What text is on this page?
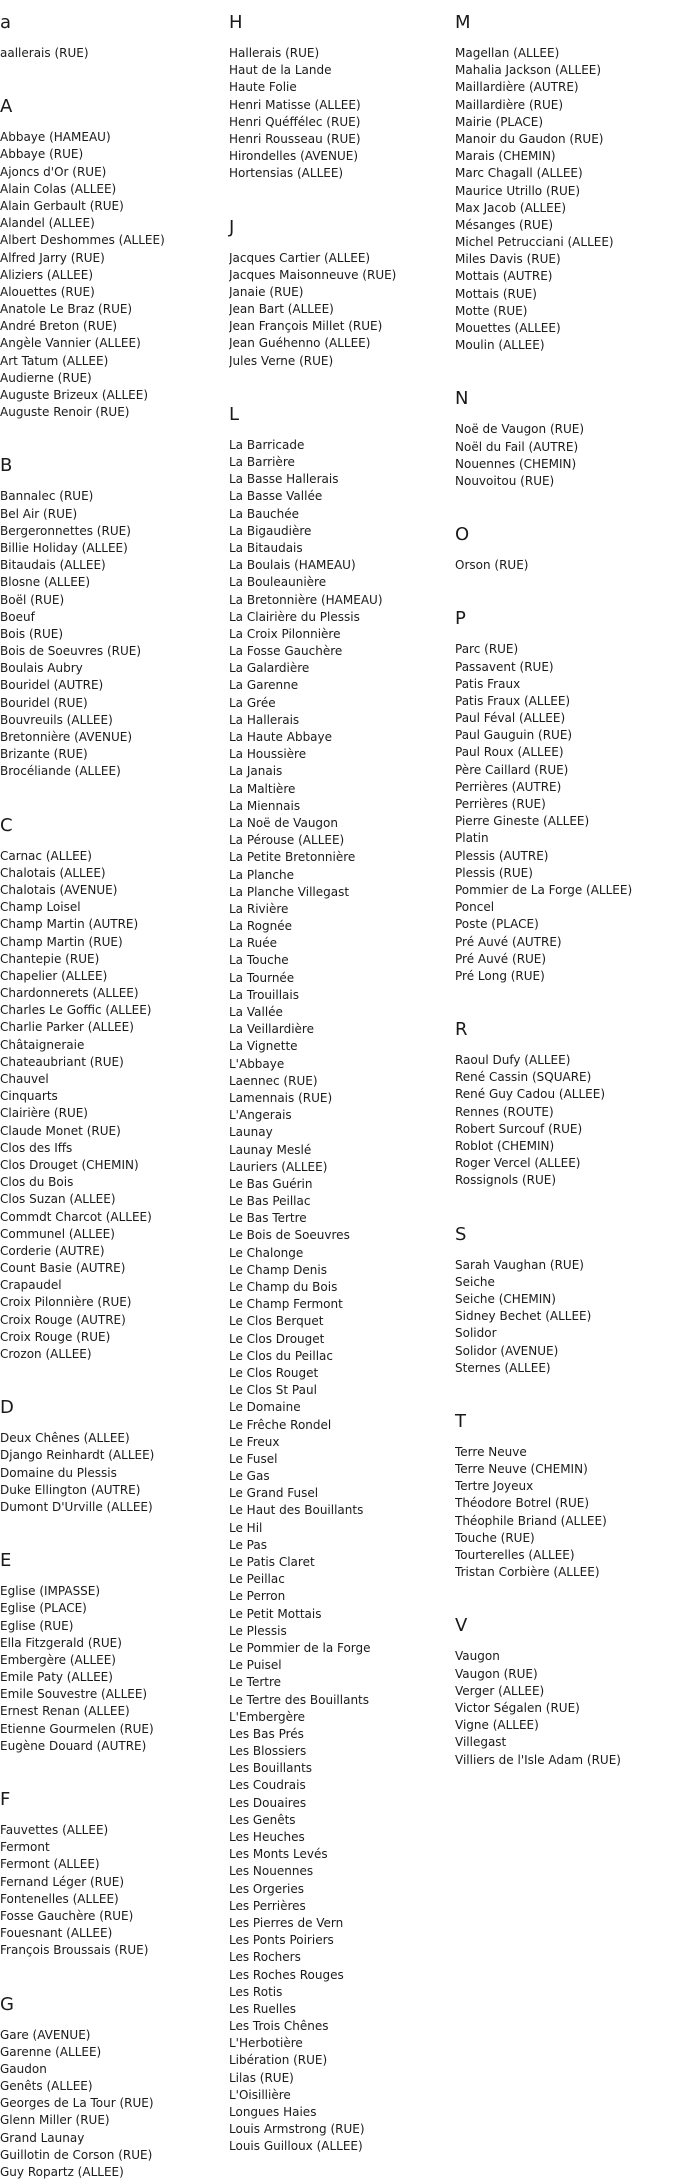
a
aallerais (RUE)
A
Abbaye (HAMEAU)
Abbaye (RUE)
Ajoncs d'Or (RUE)
Alain Colas (ALLEE)
Alain Gerbault (RUE)
Alandel (ALLEE)
Albert Deshommes (ALLEE)
Alfred Jarry (RUE)
Aliziers (ALLEE)
Alouettes (RUE)
Anatole Le Braz (RUE)
André Breton (RUE)
Angèle Vannier (ALLEE)
Art Tatum (ALLEE)
Audierne (RUE)
Auguste Brizeux (ALLEE)
Auguste Renoir (RUE)
B
Bannalec (RUE)
Bel Air (RUE)
Bergeronnettes (RUE)
Billie Holiday (ALLEE)
Bitaudais (ALLEE)
Blosne (ALLEE)
Boël (RUE)
Boeuf
Bois (RUE)
Bois de Soeuvres (RUE)
Boulais Aubry
Bouridel (AUTRE)
Bouridel (RUE)
Bouvreuils (ALLEE)
Bretonnière (AVENUE)
Brizante (RUE)
Brocéliande (ALLEE)
C
Carnac (ALLEE)
Chalotais (ALLEE)
Chalotais (AVENUE)
Champ Loisel
Champ Martin (AUTRE)
Champ Martin (RUE)
Chantepie (RUE)
Chapelier (ALLEE)
Chardonnerets (ALLEE)
Charles Le Goffic (ALLEE)
Charlie Parker (ALLEE)
Châtaigneraie
Chateaubriant (RUE)
Chauvel
Cinquarts
Clairière (RUE)
Claude Monet (RUE)
Clos des Iffs
Clos Drouget (CHEMIN)
Clos du Bois
Clos Suzan (ALLEE)
Commdt Charcot (ALLEE)
Communel (ALLEE)
Corderie (AUTRE)
Count Basie (AUTRE)
Crapaudel
Croix Pilonnière (RUE)
Croix Rouge (AUTRE)
Croix Rouge (RUE)
Crozon (ALLEE)
D
Deux Chênes (ALLEE)
Django Reinhardt (ALLEE)
Domaine du Plessis
Duke Ellington (AUTRE)
Dumont D'Urville (ALLEE)
E
Eglise (IMPASSE)
Eglise (PLACE)
Eglise (RUE)
Ella Fitzgerald (RUE)
Embergère (ALLEE)
Emile Paty (ALLEE)
Emile Souvestre (ALLEE)
Ernest Renan (ALLEE)
Etienne Gourmelen (RUE)
Eugène Douard (AUTRE)
F
Fauvettes (ALLEE)
Fermont
Fermont (ALLEE)
Fernand Léger (RUE)
Fontenelles (ALLEE)
Fosse Gauchère (RUE)
Fouesnant (ALLEE)
François Broussais (RUE)
G
Gare (AVENUE)
Garenne (ALLEE)
Gaudon
Genêts (ALLEE)
Georges de La Tour (RUE)
Glenn Miller (RUE)
Grand Launay
Guillotin de Corson (RUE)
Guy Ropartz (ALLEE)
H
Hallerais (RUE)
Haut de la Lande
Haute Folie
Henri Matisse (ALLEE)
Henri Quéffélec (RUE)
Henri Rousseau (RUE)
Hirondelles (AVENUE)
Hortensias (ALLEE)
J
Jacques Cartier (ALLEE)
Jacques Maisonneuve (RUE)
Janaie (RUE)
Jean Bart (ALLEE)
Jean François Millet (RUE)
Jean Guéhenno (ALLEE)
Jules Verne (RUE)
L
La Barricade
La Barrière
La Basse Hallerais
La Basse Vallée
La Bauchée
La Bigaudière
La Bitaudais
La Boulais (HAMEAU)
La Bouleaunière
La Bretonnière (HAMEAU)
La Clairière du Plessis
La Croix Pilonnière
La Fosse Gauchère
La Galardière
La Garenne
La Grée
La Hallerais
La Haute Abbaye
La Houssière
La Janais
La Maltière
La Miennais
La Noë de Vaugon
La Pérouse (ALLEE)
La Petite Bretonnière
La Planche
La Planche Villegast
La Rivière
La Rognée
La Ruée
La Touche
La Tournée
La Trouillais
La Vallée
La Veillardière
La Vignette
L'Abbaye
Laennec (RUE)
Lamennais (RUE)
L'Angerais
Launay
Launay Meslé
Lauriers (ALLEE)
Le Bas Guérin
Le Bas Peillac
Le Bas Tertre
Le Bois de Soeuvres
Le Chalonge
Le Champ Denis
Le Champ du Bois
Le Champ Fermont
Le Clos Berquet
Le Clos Drouget
Le Clos du Peillac
Le Clos Rouget
Le Clos St Paul
Le Domaine
Le Frêche Rondel
Le Freux
Le Fusel
Le Gas
Le Grand Fusel
Le Haut des Bouillants
Le Hil
Le Pas
Le Patis Claret
Le Peillac
Le Perron
Le Petit Mottais
Le Plessis
Le Pommier de la Forge
Le Puisel
Le Tertre
Le Tertre des Bouillants
L'Embergère
Les Bas Prés
Les Blossiers
Les Bouillants
Les Coudrais
Les Douaires
Les Genêts
Les Heuches
Les Monts Levés
Les Nouennes
Les Orgeries
Les Perrières
Les Pierres de Vern
Les Ponts Poiriers
Les Rochers
Les Roches Rouges
Les Rotis
Les Ruelles
Les Trois Chênes
L'Herbotière
Libération (RUE)
Lilas (RUE)
L'Oisillière
Longues Haies
Louis Armstrong (RUE)
Louis Guilloux (ALLEE)
M
Magellan (ALLEE)
Mahalia Jackson (ALLEE)
Maillardière (AUTRE)
Maillardière (RUE)
Mairie (PLACE)
Manoir du Gaudon (RUE)
Marais (CHEMIN)
Marc Chagall (ALLEE)
Maurice Utrillo (RUE)
Max Jacob (ALLEE)
Mésanges (RUE)
Michel Petrucciani (ALLEE)
Miles Davis (RUE)
Mottais (AUTRE)
Mottais (RUE)
Motte (RUE)
Mouettes (ALLEE)
Moulin (ALLEE)
N
Noë de Vaugon (RUE)
Noël du Fail (AUTRE)
Nouennes (CHEMIN)
Nouvoitou (RUE)
O
Orson (RUE)
P
Parc (RUE)
Passavent (RUE)
Patis Fraux
Patis Fraux (ALLEE)
Paul Féval (ALLEE)
Paul Gauguin (RUE)
Paul Roux (ALLEE)
Père Caillard (RUE)
Perrières (AUTRE)
Perrières (RUE)
Pierre Gineste (ALLEE)
Platin
Plessis (AUTRE)
Plessis (RUE)
Pommier de La Forge (ALLEE)
Poncel
Poste (PLACE)
Pré Auvé (AUTRE)
Pré Auvé (RUE)
Pré Long (RUE)
R
Raoul Dufy (ALLEE)
René Cassin (SQUARE)
René Guy Cadou (ALLEE)
Rennes (ROUTE)
Robert Surcouf (RUE)
Roblot (CHEMIN)
Roger Vercel (ALLEE)
Rossignols (RUE)
S
Sarah Vaughan (RUE)
Seiche
Seiche (CHEMIN)
Sidney Bechet (ALLEE)
Solidor
Solidor (AVENUE)
Sternes (ALLEE)
T
Terre Neuve
Terre Neuve (CHEMIN)
Tertre Joyeux
Théodore Botrel (RUE)
Théophile Briand (ALLEE)
Touche (RUE)
Tourterelles (ALLEE)
Tristan Corbière (ALLEE)
V
Vaugon
Vaugon (RUE)
Verger (ALLEE)
Victor Ségalen (RUE)
Vigne (ALLEE)
Villegast
Villiers de l'Isle Adam (RUE)
